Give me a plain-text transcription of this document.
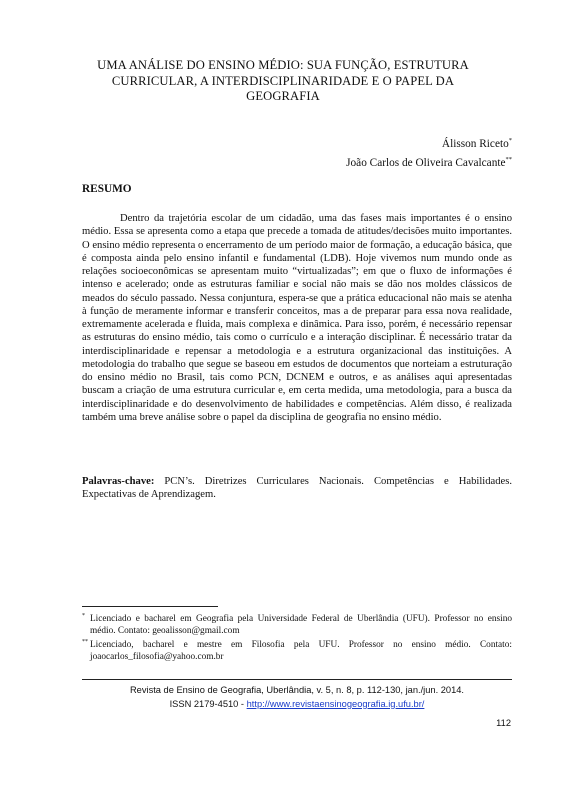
UMA ANÁLISE DO ENSINO MÉDIO: SUA FUNÇÃO, ESTRUTURA CURRICULAR, A INTERDISCIPLINARIDADE E O PAPEL DA GEOGRAFIA
Álisson Riceto*
João Carlos de Oliveira Cavalcante**
RESUMO

Dentro da trajetória escolar de um cidadão, uma das fases mais importantes é o ensino médio. Essa se apresenta como a etapa que precede a tomada de atitudes/decisões muito importantes. O ensino médio representa o encerramento de um período maior de formação, a educação básica, que é composta ainda pelo ensino infantil e fundamental (LDB). Hoje vivemos num mundo onde as relações socioeconômicas se apresentam muito “virtualizadas”; em que o fluxo de informações é intenso e acelerado; onde as estruturas familiar e social não mais se dão nos moldes clássicos de meados do século passado. Nessa conjuntura, espera-se que a prática educacional não mais se atenha à função de meramente informar e transferir conceitos, mas a de preparar para essa nova realidade, extremamente acelerada e fluida, mais complexa e dinâmica. Para isso, porém, é necessário repensar as estruturas do ensino médio, tais como o currículo e a interação disciplinar. É necessário tratar da interdisciplinaridade e repensar a metodologia e a estrutura organizacional das instituições. A metodologia do trabalho que segue se baseou em estudos de documentos que norteiam a estruturação do ensino médio no Brasil, tais como PCN, DCNEM e outros, e as análises aqui apresentadas buscam a criação de uma estrutura curricular e, em certa medida, uma metodologia, para a busca da interdisciplinaridade e do desenvolvimento de habilidades e competências. Além disso, é realizada também uma breve análise sobre o papel da disciplina de geografia no ensino médio.

Palavras-chave: PCN’s. Diretrizes Curriculares Nacionais. Competências e Habilidades. Expectativas de Aprendizagem.

* Licenciado e bacharel em Geografia pela Universidade Federal de Uberlândia (UFU). Professor no ensino médio. Contato: geoalisson@gmail.com

** Licenciado, bacharel e mestre em Filosofia pela UFU. Professor no ensino médio. Contato: joaocarlos_filosofia@yahoo.com.br

Revista de Ensino de Geografia, Uberlândia, v. 5, n. 8, p. 112-130, jan./jun. 2014.
ISSN 2179-4510 - http://www.revistaensinogeografia.ig.ufu.br/
112
